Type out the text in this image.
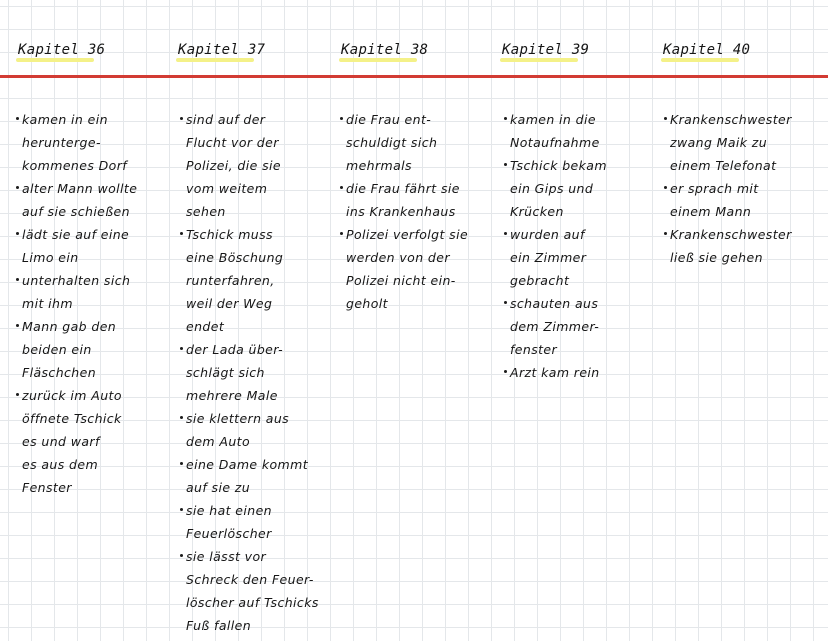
Kapitel 36	Kapitel 37	Kapitel 38	Kapitel 39	Kapitel 40
kamen in ein
herunterge-
kommenes Dorf
alter Mann wollte
auf sie schießen
lädt sie auf eine
Limo ein
unterhalten sich
mit ihm
Mann gab den
beiden ein
Fläschchen
zurück im Auto
öffnete Tschick
es und warf
es aus dem
Fenster
sind auf der
Flucht vor der
Polizei, die sie
vom weitem
sehen
Tschick muss
eine Böschung
runterfahren,
weil der Weg
endet
der Lada über-
schlägt sich
mehrere Male
sie klettern aus
dem Auto
eine Dame kommt
auf sie zu
sie hat einen
Feuerlöscher
sie lässt vor
Schreck den Feuer-
löscher auf Tschicks
Fuß fallen
die Frau ent-
schuldigt sich
mehrmals
die Frau fährt sie
ins Krankenhaus
Polizei verfolgt sie
werden von der
Polizei nicht ein-
geholt
kamen in die
Notaufnahme
Tschick bekam
ein Gips und
Krücken
wurden auf
ein Zimmer
gebracht
schauten aus
dem Zimmer-
fenster
Arzt kam rein
Krankenschwester
zwang Maik zu
einem Telefonat
er sprach mit
einem Mann
Krankenschwester
ließ sie gehen
